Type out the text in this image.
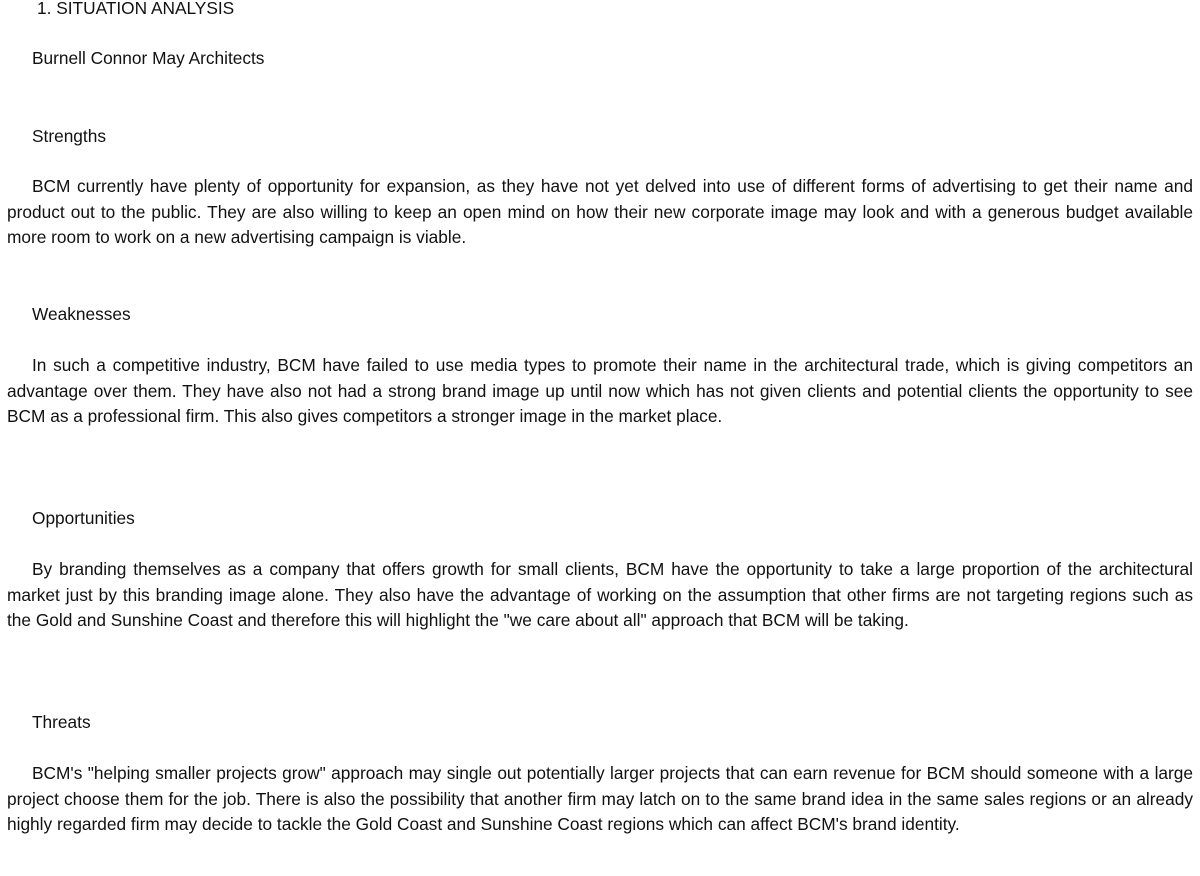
1. SITUATION ANALYSIS
Burnell Connor May Architects
Strengths

BCM currently have plenty of opportunity for expansion, as they have not yet delved into use of different forms of advertising to get their name and product out to the public. They are also willing to keep an open mind on how their new corporate image may look and with a generous budget available more room to work on a new advertising campaign is viable.

Weaknesses

In such a competitive industry, BCM have failed to use media types to promote their name in the architectural trade, which is giving competitors an advantage over them. They have also not had a strong brand image up until now which has not given clients and potential clients the opportunity to see BCM as a professional firm. This also gives competitors a stronger image in the market place.

Opportunities

By branding themselves as a company that offers growth for small clients, BCM have the opportunity to take a large proportion of the architectural market just by this branding image alone. They also have the advantage of working on the assumption that other firms are not targeting regions such as the Gold and Sunshine Coast and therefore this will highlight the "we care about all" approach that BCM will be taking.

Threats

BCM's "helping smaller projects grow" approach may single out potentially larger projects that can earn revenue for BCM should someone with a large project choose them for the job. There is also the possibility that another firm may latch on to the same brand idea in the same sales regions or an already highly regarded firm may decide to tackle the Gold Coast and Sunshine Coast regions which can affect BCM's brand identity.
